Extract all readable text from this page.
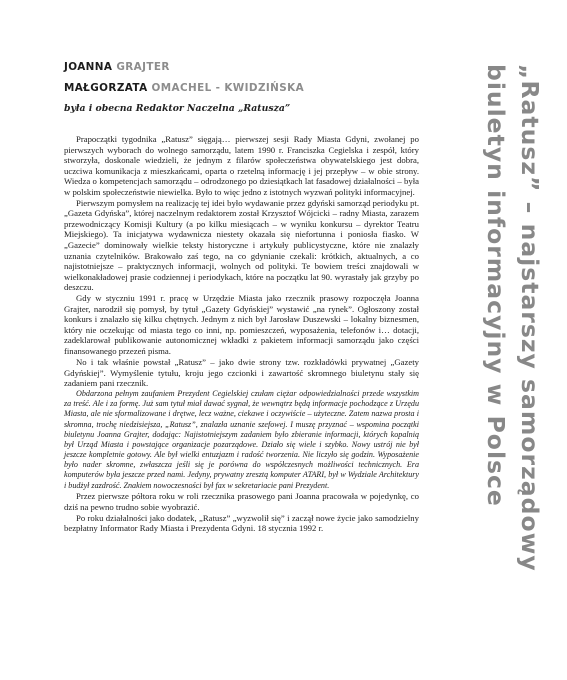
JOANNA GRAJTER
MAŁGORZATA OMACHEL - KWIDZIŃSKA
była i obecna Redaktor Naczelna „Ratusza”

Prapoczątki tygodnika „Ratusz” sięgają… pierwszej sesji Rady Miasta Gdyni, zwołanej po pierwszych wyborach do wolnego samorządu, latem 1990 r. Franciszka Cegielska i zespół, który stworzyła, doskonale wiedzieli, że jednym z filarów społeczeństwa obywatelskiego jest dobra, uczciwa komunikacja z mieszkańcami, oparta o rzetelną informację i jej przepływ – w obie strony. Wiedza o kompetencjach samorządu – odrodzonego po dziesiątkach lat fasadowej działalności – była w polskim społeczeństwie niewielka. Było to więc jedno z istotnych wyzwań polityki informacyjnej.

Pierwszym pomysłem na realizację tej idei było wydawanie przez gdyński samorząd periodyku pt. „Gazeta Gdyńska”, której naczelnym redaktorem został Krzysztof Wójcicki – radny Miasta, zarazem przewodniczący Komisji Kultury (a po kilku miesiącach – w wyniku konkursu – dyrektor Teatru Miejskiego). Ta inicjatywa wydawnicza niestety okazała się niefortunna i poniosła fiasko. W „Gazecie” dominowały wielkie teksty historyczne i artykuły publicystyczne, które nie znalazły uznania czytelników. Brakowało zaś tego, na co gdynianie czekali: krótkich, aktualnych, a co najistotniejsze – praktycznych informacji, wolnych od polityki. Te bowiem treści znajdowali w wielkonakładowej prasie codziennej i periodykach, które na początku lat 90. wyrastały jak grzyby po deszczu.

Gdy w styczniu 1991 r. pracę w Urzędzie Miasta jako rzecznik prasowy rozpoczęła Joanna Grajter, narodził się pomysł, by tytuł „Gazety Gdyńskiej” wystawić „na rynek”. Ogłoszony został konkurs i znalazło się kilku chętnych. Jednym z nich był Jarosław Duszewski – lokalny biznesmen, który nie oczekując od miasta tego co inni, np. pomieszczeń, wyposażenia, telefonów i… dotacji, zadeklarował publikowanie autonomicznej wkładki z pakietem informacji samorządu jako części finansowanego przezeń pisma.

No i tak właśnie powstał „Ratusz” – jako dwie strony tzw. rozkładówki prywatnej „Gazety Gdyńskiej”. Wymyślenie tytułu, kroju jego czcionki i zawartość skromnego biuletynu stały się zadaniem pani rzecznik.

Obdarzona pełnym zaufaniem Prezydent Cegielskiej czułam ciężar odpowiedzialności przede wszystkim za treść. Ale i za formę. Już sam tytuł miał dawać sygnał, że wewnątrz będą informacje pochodzące z Urzędu Miasta, ale nie sformalizowane i drętwe, lecz ważne, ciekawe i oczywiście – użyteczne. Zatem nazwa prosta i skromna, trochę niedzisiejsza, „Ratusz”, znalazła uznanie szefowej. I muszę przyznać – wspomina początki biuletynu Joanna Grajter, dodając: Najistotniejszym zadaniem było zbieranie informacji, których kopalnią był Urząd Miasta i powstające organizacje pozarządowe. Działo się wiele i szybko. Nowy ustrój nie był jeszcze kompletnie gotowy. Ale był wielki entuzjazm i radość tworzenia. Nie liczyło się godzin. Wyposażenie było nader skromne, zwłaszcza jeśli się je porówna do współczesnych możliwości technicznych. Era komputerów była jeszcze przed nami. Jedyny, prywatny zresztą komputer ATARI, był w Wydziale Architektury i budżył zazdrość. Znakiem nowoczesności był fax w sekretariacie pani Prezydent.

Przez pierwsze półtora roku w roli rzecznika prasowego pani Joanna pracowała w pojedynkę, co dziś na pewno trudno sobie wyobrazić.

Po roku działalności jako dodatek, „Ratusz” „wyzwolił się” i zaczął nowe życie jako samodzielny bezpłatny Informator Rady Miasta i Prezydenta Gdyni. 18 stycznia 1992 r.	„Ratusz” – najstarszy samorządowy
biuletyn informacyjny w Polsce
